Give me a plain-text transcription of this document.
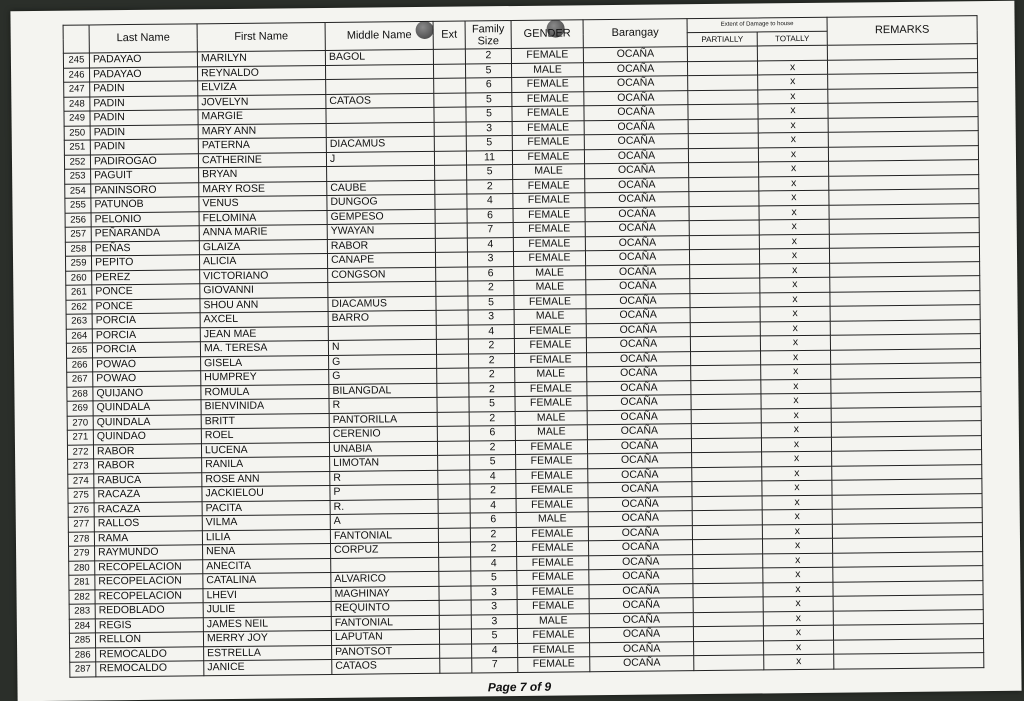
	Last Name	First Name	Middle Name	Ext	Family Size	GENDER	Barangay	Extent of Damage to house		REMARKS
								PARTIALLY	TOTALLY	
245	PADAYAO	MARILYN	BAGOL		2	FEMALE	OCAÑA			
246	PADAYAO	REYNALDO			5	MALE	OCAÑA		x	
247	PADIN	ELVIZA			6	FEMALE	OCAÑA		x	
248	PADIN	JOVELYN	CATAOS		5	FEMALE	OCAÑA		x	
249	PADIN	MARGIE			5	FEMALE	OCAÑA		x	
250	PADIN	MARY ANN			3	FEMALE	OCAÑA		x	
251	PADIN	PATERNA	DIACAMUS		5	FEMALE	OCAÑA		x	
252	PADIROGAO	CATHERINE	J		11	FEMALE	OCAÑA		x	
253	PAGUIT	BRYAN			5	MALE	OCAÑA		x	
254	PANINSORO	MARY ROSE	CAUBE		2	FEMALE	OCAÑA		x	
255	PATUNOB	VENUS	DUNGOG		4	FEMALE	OCAÑA		x	
256	PELONIO	FELOMINA	GEMPESO		6	FEMALE	OCAÑA		x	
257	PEÑARANDA	ANNA MARIE	YWAYAN		7	FEMALE	OCAÑA		x	
258	PEÑAS	GLAIZA	RABOR		4	FEMALE	OCAÑA		x	
259	PEPITO	ALICIA	CANAPE		3	FEMALE	OCAÑA		x	
260	PEREZ	VICTORIANO	CONGSON		6	MALE	OCAÑA		x	
261	PONCE	GIOVANNI			2	MALE	OCAÑA		x	
262	PONCE	SHOU ANN	DIACAMUS		5	FEMALE	OCAÑA		x	
263	PORCIA	AXCEL	BARRO		3	MALE	OCAÑA		x	
264	PORCIA	JEAN MAE			4	FEMALE	OCAÑA		x	
265	PORCIA	MA. TERESA	N		2	FEMALE	OCAÑA		x	
266	POWAO	GISELA	G		2	FEMALE	OCAÑA		x	
267	POWAO	HUMPREY	G		2	MALE	OCAÑA		x	
268	QUIJANO	ROMULA	BILANGDAL		2	FEMALE	OCAÑA		x	
269	QUINDALA	BIENVINIDA	R		5	FEMALE	OCAÑA		x	
270	QUINDALA	BRITT	PANTORILLA		2	MALE	OCAÑA		x	
271	QUINDAO	ROEL	CERENIO		6	MALE	OCAÑA		x	
272	RABOR	LUCENA	UNABIA		2	FEMALE	OCAÑA		x	
273	RABOR	RANILA	LIMOTAN		5	FEMALE	OCAÑA		x	
274	RABUCA	ROSE ANN	R		4	FEMALE	OCAÑA		x	
275	RACAZA	JACKIELOU	P		2	FEMALE	OCAÑA		x	
276	RACAZA	PACITA	R.		4	FEMALE	OCAÑA		x	
277	RALLOS	VILMA	A		6	MALE	OCAÑA		x	
278	RAMA	LILIA	FANTONIAL		2	FEMALE	OCAÑA		x	
279	RAYMUNDO	NENA	CORPUZ		2	FEMALE	OCAÑA		x	
280	RECOPELACION	ANECITA			4	FEMALE	OCAÑA		x	
281	RECOPELACION	CATALINA	ALVARICO		5	FEMALE	OCAÑA		x	
282	RECOPELACION	LHEVI	MAGHINAY		3	FEMALE	OCAÑA		x	
283	REDOBLADO	JULIE	REQUINTO		3	FEMALE	OCAÑA		x	
284	REGIS	JAMES NEIL	FANTONIAL		3	MALE	OCAÑA		x	
285	RELLON	MERRY JOY	LAPUTAN		5	FEMALE	OCAÑA		x	
286	REMOCALDO	ESTRELLA	PANOTSOT		4	FEMALE	OCAÑA		x	
287	REMOCALDO	JANICE	CATAOS		7	FEMALE	OCAÑA		x	
Page 7 of 9
